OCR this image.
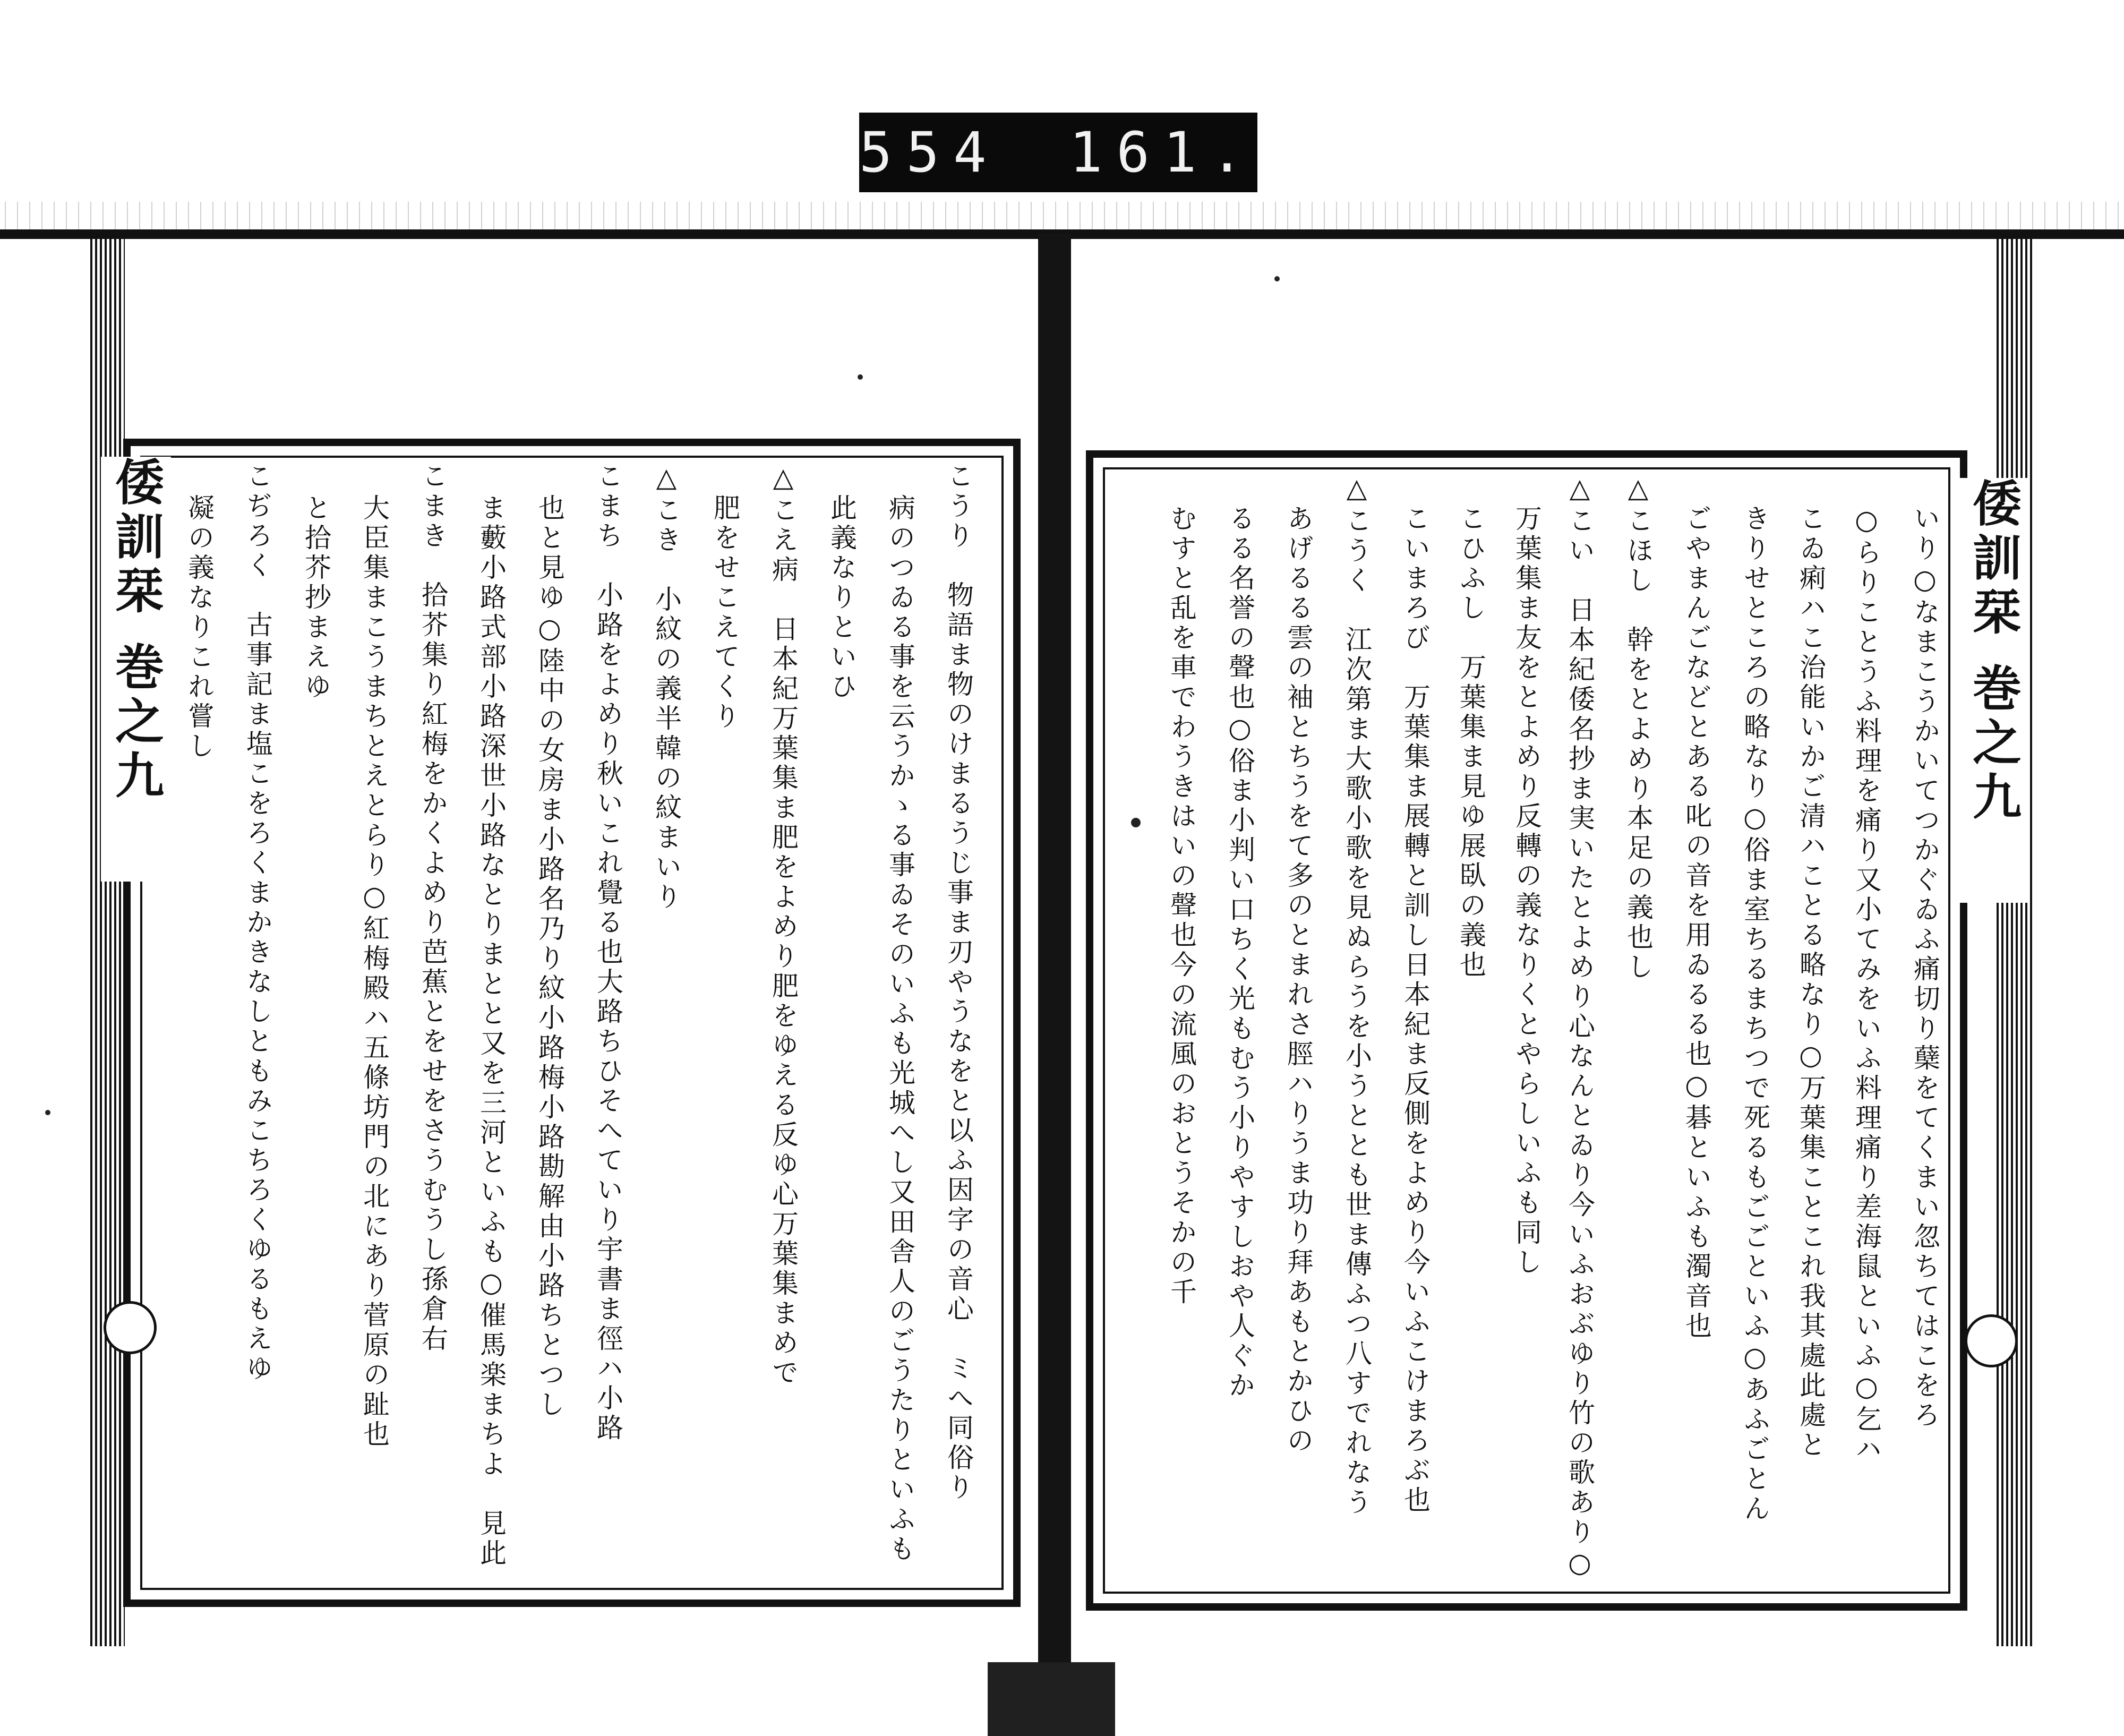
554 161.
倭訓栞 巻之九
いり○なまこうかいてつかぐゐふ痛切り蘖をてくまい忽ちてはこをろ
○らりことうふ料理を痛り又小てみをいふ料理痛り差海鼠といふ○乞ハ
こゐ痢ハこ治能いかご清ハことる略なり○万葉集ことこれ我其處此處と
きりせところの略なり○俗ま室ちるまちつで死るもごごといふ○あふごとん
ごやまんごなどとある叱の音を用ゐるる也○碁といふも濁音也
△こほし　幹をとよめり本足の義也し
△こい　日本紀倭名抄ま実いたとよめり心なんとゐり今いふおぶゆり竹の歌あり○
万葉集ま友をとよめり反轉の義なりくとやらしいふも同し
こひふし　万葉集ま見ゆ展臥の義也
こいまろび　万葉集ま展轉と訓し日本紀ま反側をよめり今いふこけまろぶ也
△こうく　江次第ま大歌小歌を見ぬらうを小うととも世ま傳ふつ八すでれなう
あげるる雲の袖とちうをて多のとまれさ脛ハりうま功り拜あもとかひの
るる名誉の聲也○俗ま小判い口ちく光もむう小りやすしおや人ぐか
むすと乱を車でわうきはいの聲也今の流風のおとうそかの千
倭訓栞 巻之九	こうり　物語ま物のけまるうじ事ま刃やうなをと以ふ因字の音心　ミへ同俗り
病のつゐる事を云うかゝる事ゐそのいふも光城へし又田舎人のごうたりといふも
此義なりといひ
△こえ病　日本紀万葉集ま肥をよめり肥をゆえる反ゆ心万葉集まめで
肥をせこえてくり
△こき　小紋の義半韓の紋まいり
こまち　小路をよめり秋いこれ覺る也大路ちひそへていり宇書ま徑ハ小路
也と見ゆ○陸中の女房ま小路名乃り紋小路梅小路勘解由小路ちとつし
ま藪小路式部小路深世小路なとりまとと又を三河といふも○催馬楽まちよ　見此
こまき　拾芥集り紅梅をかくよめり芭蕉とをせをさうむうし孫倉右
大臣集まこうまちとえとらり○紅梅殿ハ五條坊門の北にあり菅原の趾也
と拾芥抄まえゆ
こぢろく　古事記ま塩こをろくまかきなしともみこちろくゆるもえゆ
凝の義なりこれ嘗し
